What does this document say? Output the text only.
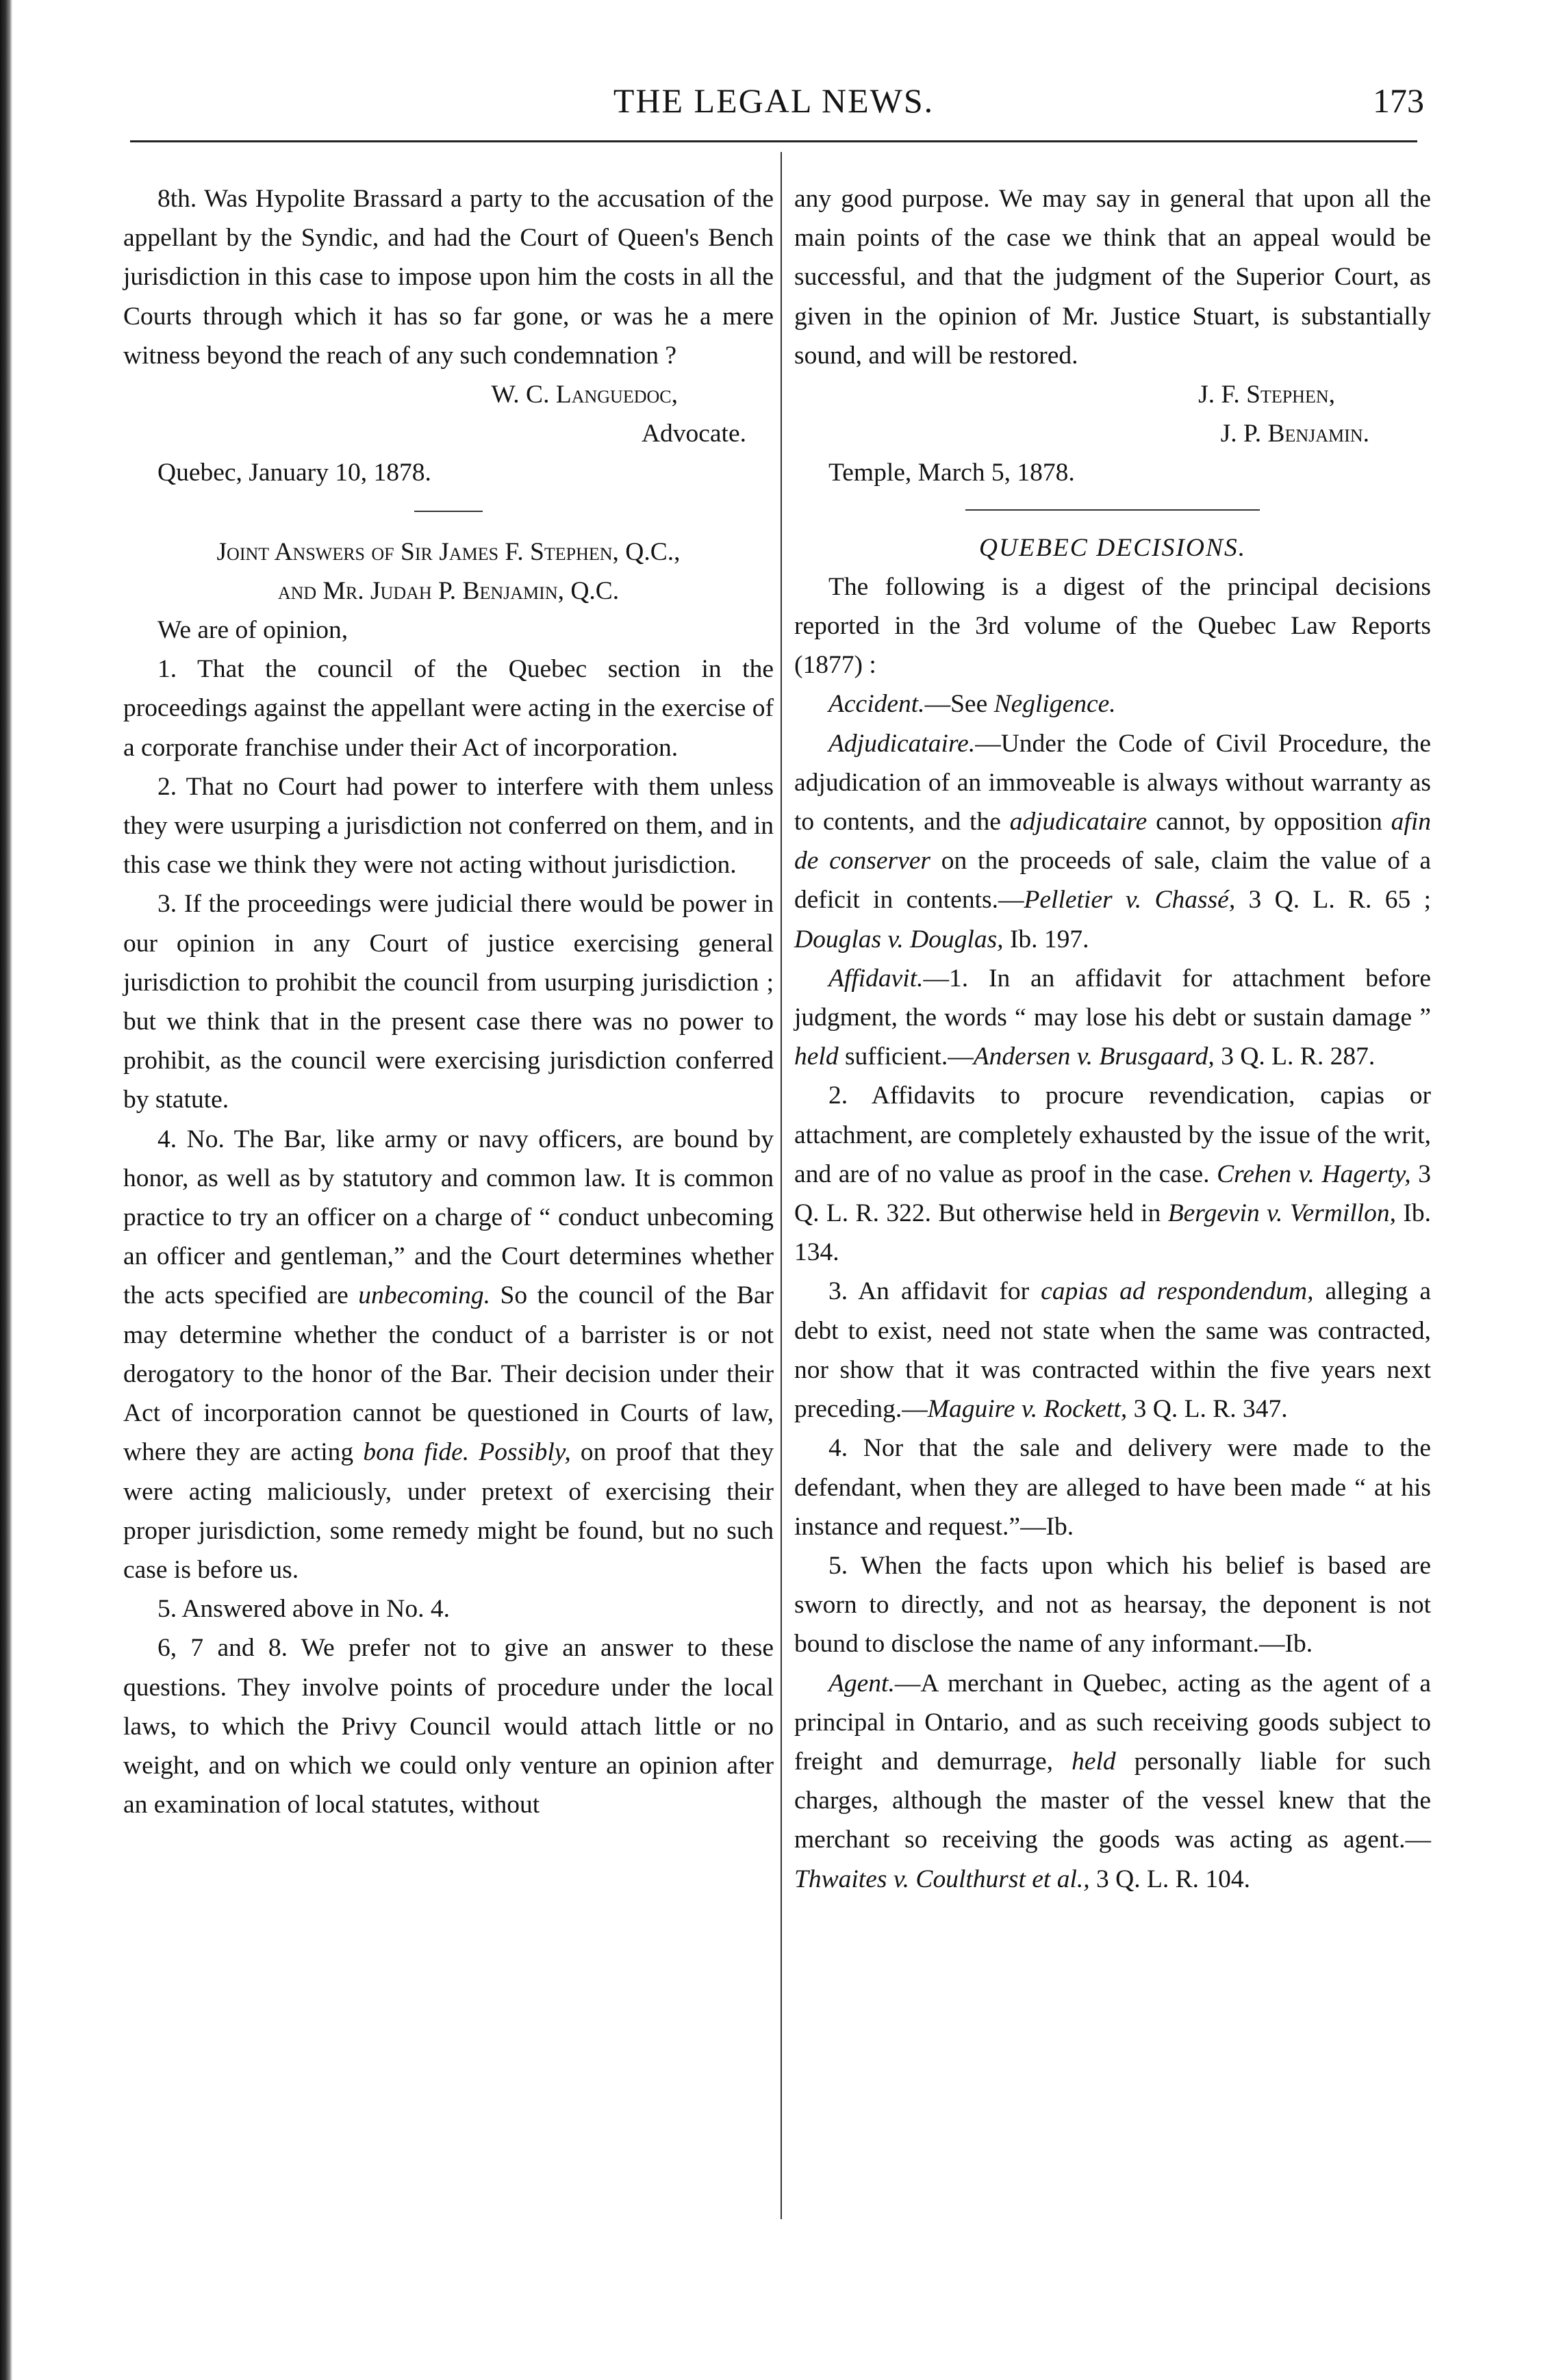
THE LEGAL NEWS.	173

8th. Was Hypolite Brassard a party to the accusation of the appellant by the Syndic, and had the Court of Queen's Bench jurisdiction in this case to impose upon him the costs in all the Courts through which it has so far gone, or was he a mere witness beyond the reach of any such condemnation ?

W. C. Languedoc,

Advocate.

Quebec, January 10, 1878.

Joint Answers of Sir James F. Stephen, Q.C.,

and Mr. Judah P. Benjamin, Q.C.

We are of opinion,

1. That the council of the Quebec section in the proceedings against the appellant were acting in the exercise of a corporate franchise under their Act of incorporation.

2. That no Court had power to interfere with them unless they were usurping a jurisdiction not conferred on them, and in this case we think they were not acting without jurisdiction.

3. If the proceedings were judicial there would be power in our opinion in any Court of justice exercising general jurisdiction to prohibit the council from usurping jurisdiction ; but we think that in the present case there was no power to prohibit, as the council were exercising jurisdiction conferred by statute.

4. No. The Bar, like army or navy officers, are bound by honor, as well as by statutory and common law. It is common practice to try an officer on a charge of “ conduct unbecoming an officer and gentleman,” and the Court determines whether the acts specified are unbecoming. So the council of the Bar may determine whether the conduct of a barrister is or not derogatory to the honor of the Bar. Their decision under their Act of incorporation cannot be questioned in Courts of law, where they are acting bona fide. Possibly, on proof that they were acting maliciously, under pretext of exercising their proper jurisdiction, some remedy might be found, but no such case is before us.

5. Answered above in No. 4.

6, 7 and 8. We prefer not to give an answer to these questions. They involve points of procedure under the local laws, to which the Privy Council would attach little or no weight, and on which we could only venture an opinion after an examination of local statutes, without

any good purpose. We may say in general that upon all the main points of the case we think that an appeal would be successful, and that the judgment of the Superior Court, as given in the opinion of Mr. Justice Stuart, is substantially sound, and will be restored.

J. F. Stephen,

J. P. Benjamin.

Temple, March 5, 1878.

QUEBEC DECISIONS.

The following is a digest of the principal decisions reported in the 3rd volume of the Quebec Law Reports (1877) :

Accident.—See Negligence.

Adjudicataire.—Under the Code of Civil Procedure, the adjudication of an immoveable is always without warranty as to contents, and the adjudicataire cannot, by opposition afin de conserver on the proceeds of sale, claim the value of a deficit in contents.—Pelletier v. Chassé, 3 Q. L. R. 65 ; Douglas v. Douglas, Ib. 197.

Affidavit.—1. In an affidavit for attachment before judgment, the words “ may lose his debt or sustain damage ” held sufficient.—Andersen v. Brusgaard, 3 Q. L. R. 287.

2. Affidavits to procure revendication, capias or attachment, are completely exhausted by the issue of the writ, and are of no value as proof in the case. Crehen v. Hagerty, 3 Q. L. R. 322. But otherwise held in Bergevin v. Vermillon, Ib. 134.

3. An affidavit for capias ad respondendum, alleging a debt to exist, need not state when the same was contracted, nor show that it was contracted within the five years next preceding.—Maguire v. Rockett, 3 Q. L. R. 347.

4. Nor that the sale and delivery were made to the defendant, when they are alleged to have been made “ at his instance and request.”—Ib.

5. When the facts upon which his belief is based are sworn to directly, and not as hearsay, the deponent is not bound to disclose the name of any informant.—Ib.

Agent.—A merchant in Quebec, acting as the agent of a principal in Ontario, and as such receiving goods subject to freight and demurrage, held personally liable for such charges, although the master of the vessel knew that the merchant so receiving the goods was acting as agent.—Thwaites v. Coulthurst et al., 3 Q. L. R. 104.
